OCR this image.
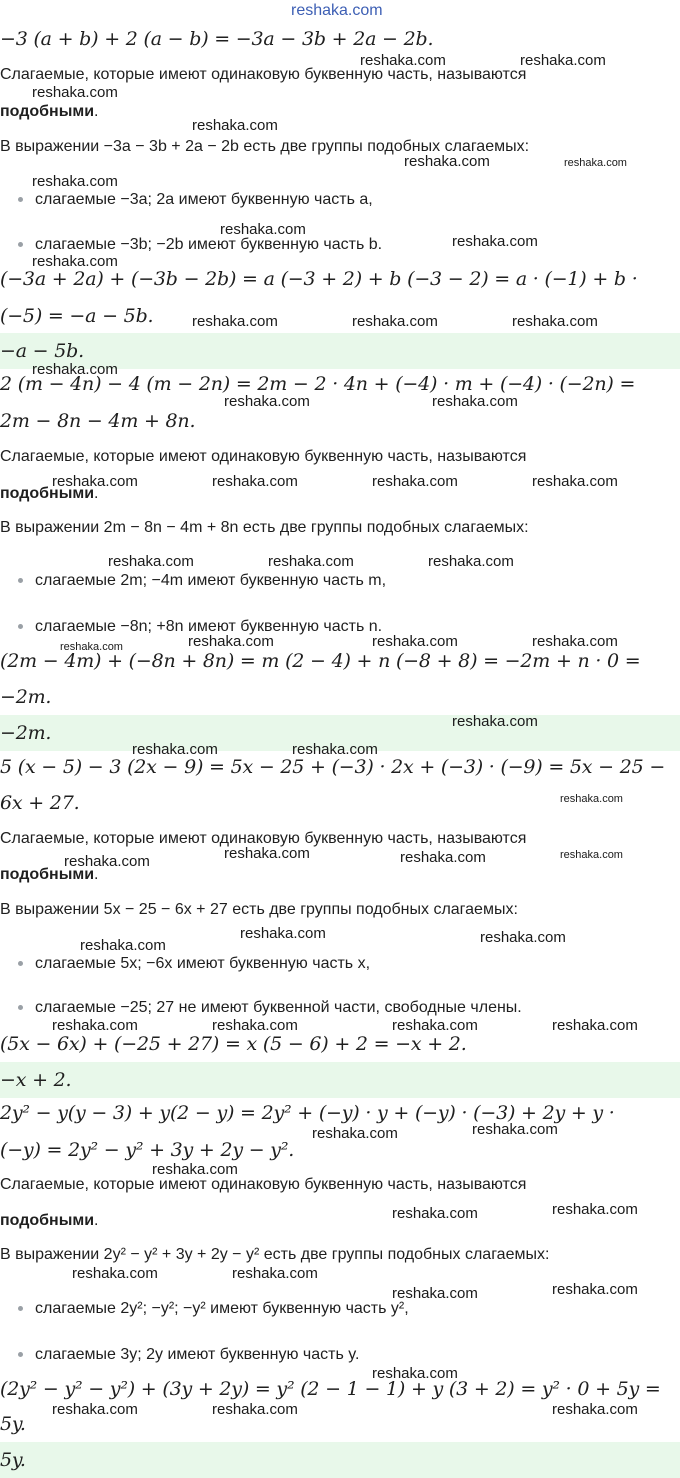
−3 (a + b) + 2 (a − b) = −3a − 3b + 2a − 2b.
Слагаемые, которые имеют одинаковую буквенную часть, называются
подобными.
В выражении −3a − 3b + 2a − 2b есть две группы подобных слагаемых:
слагаемые −3a; 2a имеют буквенную часть a,
слагаемые −3b; −2b имеют буквенную часть b.
(−3a + 2a) + (−3b − 2b) = a (−3 + 2) + b (−3 − 2) = a · (−1) + b ·
(−5) = −a − 5b.
−a − 5b.
2 (m − 4n) − 4 (m − 2n) = 2m − 2 · 4n + (−4) · m + (−4) · (−2n) =
2m − 8n − 4m + 8n.
Слагаемые, которые имеют одинаковую буквенную часть, называются
подобными.
В выражении 2m − 8n − 4m + 8n есть две группы подобных слагаемых:
слагаемые 2m; −4m имеют буквенную часть m,
слагаемые −8n; +8n имеют буквенную часть n.
(2m − 4m) + (−8n + 8n) = m (2 − 4) + n (−8 + 8) = −2m + n · 0 =
−2m.
−2m.
5 (x − 5) − 3 (2x − 9) = 5x − 25 + (−3) · 2x + (−3) · (−9) = 5x − 25 −
6x + 27.
Слагаемые, которые имеют одинаковую буквенную часть, называются
подобными.
В выражении 5x − 25 − 6x + 27 есть две группы подобных слагаемых:
слагаемые 5x; −6x имеют буквенную часть x,
слагаемые −25; 27 не имеют буквенной части, свободные члены.
(5x − 6x) + (−25 + 27) = x (5 − 6) + 2 = −x + 2.
−x + 2.
2y² − y(y − 3) + y(2 − y) = 2y² + (−y) · y + (−y) · (−3) + 2y + y ·
(−y) = 2y² − y² + 3y + 2y − y².
Слагаемые, которые имеют одинаковую буквенную часть, называются
подобными.
В выражении 2y² − y² + 3y + 2y − y² есть две группы подобных слагаемых:
слагаемые 2y²; −y²; −y² имеют буквенную часть y²,
слагаемые 3y; 2y имеют буквенную часть y.
(2y² − y² − y²) + (3y + 2y) = y² (2 − 1 − 1) + y (3 + 2) = y² · 0 + 5y =
5y.
5y.
reshaka.com
reshaka.com	reshaka.com
reshaka.com
reshaka.com
reshaka.com	reshaka.com
reshaka.com
reshaka.com
reshaka.com
reshaka.com
reshaka.com	reshaka.com	reshaka.com
reshaka.com
reshaka.com	reshaka.com
reshaka.com	reshaka.com	reshaka.com	reshaka.com
reshaka.com	reshaka.com	reshaka.com
reshaka.com	reshaka.com	reshaka.com	reshaka.com
reshaka.com
reshaka.com	reshaka.com
reshaka.com
reshaka.com	reshaka.com	reshaka.com
reshaka.com
reshaka.com	reshaka.com
reshaka.com
reshaka.com	reshaka.com	reshaka.com	reshaka.com
reshaka.com	reshaka.com
reshaka.com
reshaka.com	reshaka.com
reshaka.com	reshaka.com
reshaka.com	reshaka.com
reshaka.com
reshaka.com	reshaka.com	reshaka.com
